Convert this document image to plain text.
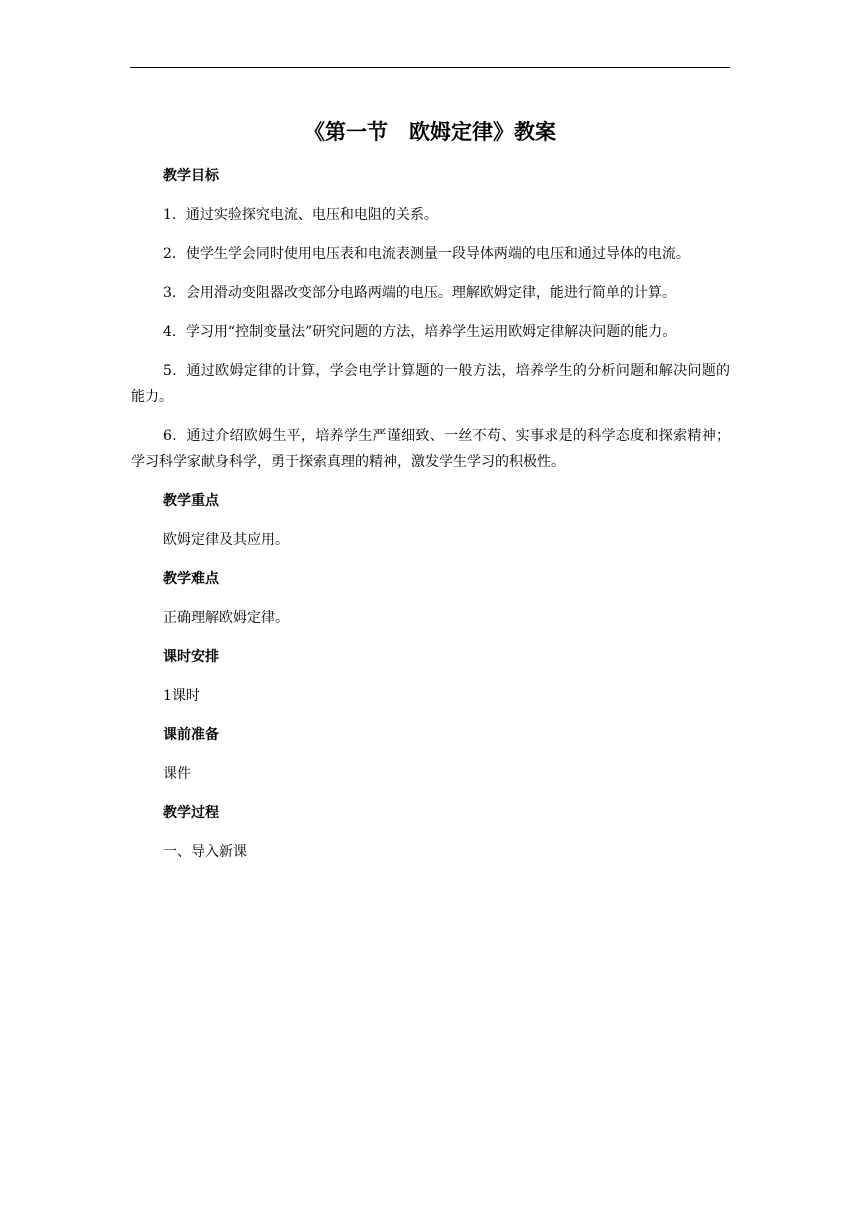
《第一节　欧姆定律》教案

教学目标

1．通过实验探究电流、电压和电阻的关系。

2．使学生学会同时使用电压表和电流表测量一段导体两端的电压和通过导体的电流。

3．会用滑动变阻器改变部分电路两端的电压。理解欧姆定律，能进行简单的计算。

4．学习用“控制变量法”研究问题的方法，培养学生运用欧姆定律解决问题的能力。

5．通过欧姆定律的计算，学会电学计算题的一般方法，培养学生的分析问题和解决问题的能力。

6．通过介绍欧姆生平，培养学生严谨细致、一丝不苟、实事求是的科学态度和探索精神；学习科学家献身科学，勇于探索真理的精神，激发学生学习的积极性。

教学重点

欧姆定律及其应用。

教学难点

正确理解欧姆定律。

课时安排

1课时

课前准备

课件

教学过程

一、导入新课
